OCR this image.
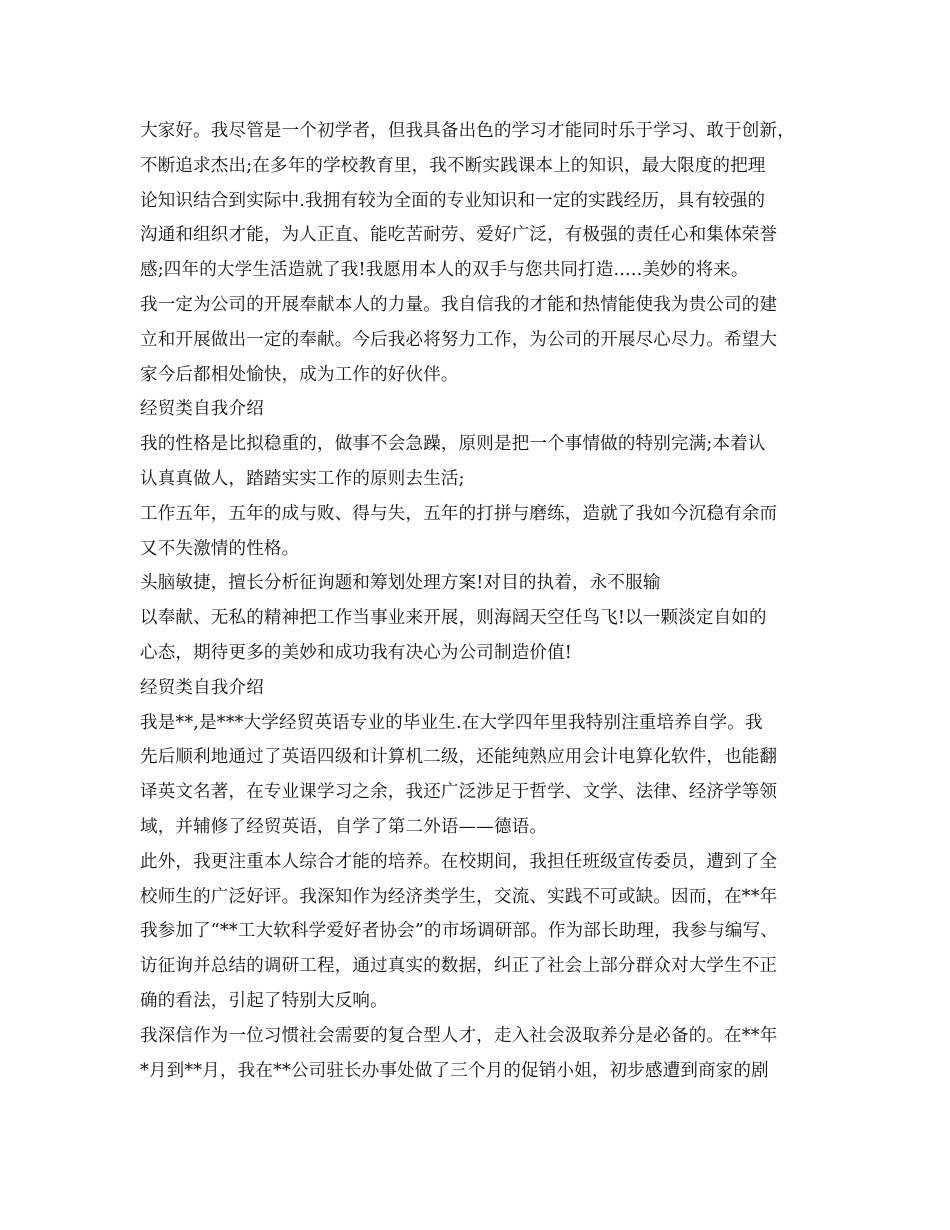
大家好。我尽管是一个初学者，但我具备出色的学习才能同时乐于学习、敢于创新，
不断追求杰出;在多年的学校教育里，我不断实践课本上的知识，最大限度的把理
论知识结合到实际中.我拥有较为全面的专业知识和一定的实践经历，具有较强的
沟通和组织才能，为人正直、能吃苦耐劳、爱好广泛，有极强的责任心和集体荣誉
感;四年的大学生活造就了我!我愿用本人的双手与您共同打造.....美妙的将来。
我一定为公司的开展奉献本人的力量。我自信我的才能和热情能使我为贵公司的建
立和开展做出一定的奉献。今后我必将努力工作，为公司的开展尽心尽力。希望大
家今后都相处愉快，成为工作的好伙伴。
经贸类自我介绍
我的性格是比拟稳重的，做事不会急躁，原则是把一个事情做的特别完满;本着认
认真真做人，踏踏实实工作的原则去生活;
工作五年，五年的成与败、得与失，五年的打拼与磨练，造就了我如今沉稳有余而
又不失激情的性格。
头脑敏捷，擅长分析征询题和筹划处理方案!对目的执着，永不服输
以奉献、无私的精神把工作当事业来开展，则海阔天空任鸟飞!以一颗淡定自如的
心态，期待更多的美妙和成功我有决心为公司制造价值!
经贸类自我介绍
我是**,是***大学经贸英语专业的毕业生.在大学四年里我特别注重培养自学。我
先后顺利地通过了英语四级和计算机二级，还能纯熟应用会计电算化软件，也能翻
译英文名著，在专业课学习之余，我还广泛涉足于哲学、文学、法律、经济学等领
域，并辅修了经贸英语，自学了第二外语——德语。
此外，我更注重本人综合才能的培养。在校期间，我担任班级宣传委员，遭到了全
校师生的广泛好评。我深知作为经济类学生，交流、实践不可或缺。因而，在**年
我参加了“**工大软科学爱好者协会”的市场调研部。作为部长助理，我参与编写、
访征询并总结的调研工程，通过真实的数据，纠正了社会上部分群众对大学生不正
确的看法，引起了特别大反响。
我深信作为一位习惯社会需要的复合型人才，走入社会汲取养分是必备的。在**年
*月到**月，我在**公司驻长办事处做了三个月的促销小姐，初步感遭到商家的剧
